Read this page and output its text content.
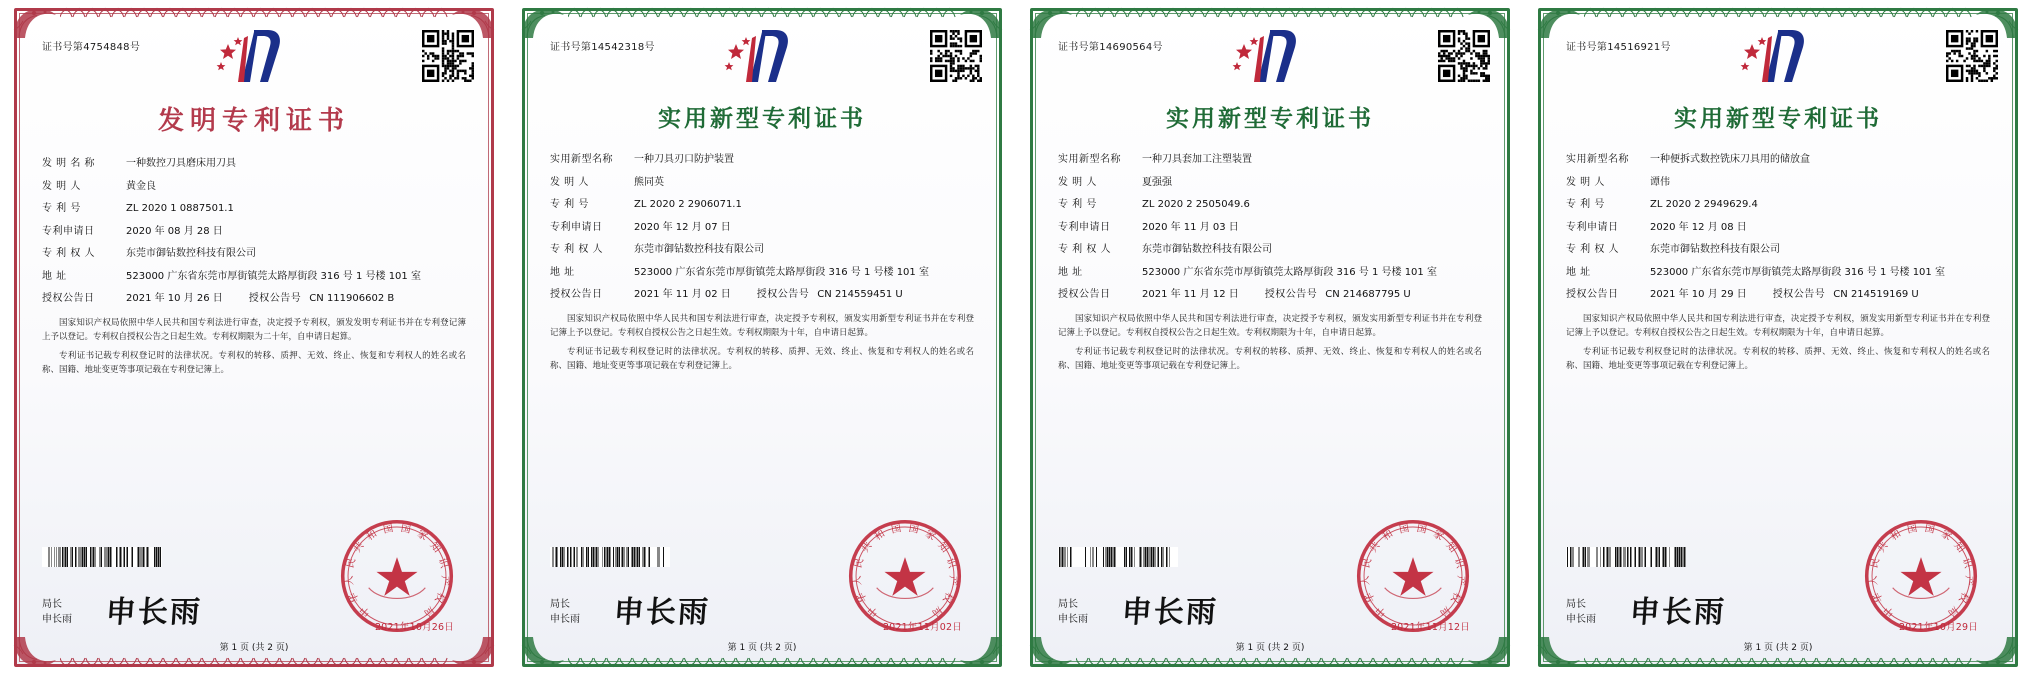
证书号第4754848号
发明专利证书
发 明 名 称	一种数控刀具磨床用刀具
发 明 人	黄金良
专 利 号	ZL 2020 1 0887501.1
专利申请日	2020 年 08 月 28 日
专 利 权 人	东莞市御钻数控科技有限公司
地 址	523000 广东省东莞市厚街镇莞太路厚街段 316 号 1 号楼 101 室
授权公告日	2021 年 10 月 26 日	授权公告号 CN 111906602 B

国家知识产权局依照中华人民共和国专利法进行审查，决定授予专利权，颁发发明专利证书并在专利登记簿上予以登记。专利权自授权公告之日起生效。专利权期限为二十年，自申请日起算。

专利证书记载专利权登记时的法律状况。专利权的转移、质押、无效、终止、恢复和专利权人的姓名或名称、国籍、地址变更等事项记载在专利登记簿上。

局长
申长雨 申长雨	中
华
人
民
共
和 国 国 家
知
识
产
权
局
2021年10月26日
第 1 页 (共 2 页)
证书号第14542318号
实用新型专利证书
实用新型名称	一种刀具刃口防护装置
发 明 人	熊同英
专 利 号	ZL 2020 2 2906071.1
专利申请日	2020 年 12 月 07 日
专 利 权 人	东莞市御钻数控科技有限公司
地 址	523000 广东省东莞市厚街镇莞太路厚街段 316 号 1 号楼 101 室
授权公告日	2021 年 11 月 02 日	授权公告号 CN 214559451 U

国家知识产权局依照中华人民共和国专利法进行审查，决定授予专利权，颁发实用新型专利证书并在专利登记簿上予以登记。专利权自授权公告之日起生效。专利权期限为十年，自申请日起算。

专利证书记载专利权登记时的法律状况。专利权的转移、质押、无效、终止、恢复和专利权人的姓名或名称、国籍、地址变更等事项记载在专利登记簿上。

局长
申长雨 申长雨	中
华
人
民
共
和 国 国 家
知
识
产
权
局
2021年11月02日
第 1 页 (共 2 页)
证书号第14690564号
实用新型专利证书
实用新型名称	一种刀具套加工注塑装置
发 明 人	夏强强
专 利 号	ZL 2020 2 2505049.6
专利申请日	2020 年 11 月 03 日
专 利 权 人	东莞市御钻数控科技有限公司
地 址	523000 广东省东莞市厚街镇莞太路厚街段 316 号 1 号楼 101 室
授权公告日	2021 年 11 月 12 日	授权公告号 CN 214687795 U

国家知识产权局依照中华人民共和国专利法进行审查，决定授予专利权，颁发实用新型专利证书并在专利登记簿上予以登记。专利权自授权公告之日起生效。专利权期限为十年，自申请日起算。

专利证书记载专利权登记时的法律状况。专利权的转移、质押、无效、终止、恢复和专利权人的姓名或名称、国籍、地址变更等事项记载在专利登记簿上。

局长
申长雨 申长雨	中
华
人
民
共
和 国 国 家
知
识
产
权
局
2021年11月12日
第 1 页 (共 2 页)
证书号第14516921号
实用新型专利证书
实用新型名称	一种便拆式数控铣床刀具用的储放盒
发 明 人	谭伟
专 利 号	ZL 2020 2 2949629.4
专利申请日	2020 年 12 月 08 日
专 利 权 人	东莞市御钻数控科技有限公司
地 址	523000 广东省东莞市厚街镇莞太路厚街段 316 号 1 号楼 101 室
授权公告日	2021 年 10 月 29 日	授权公告号 CN 214519169 U

国家知识产权局依照中华人民共和国专利法进行审查，决定授予专利权，颁发实用新型专利证书并在专利登记簿上予以登记。专利权自授权公告之日起生效。专利权期限为十年，自申请日起算。

专利证书记载专利权登记时的法律状况。专利权的转移、质押、无效、终止、恢复和专利权人的姓名或名称、国籍、地址变更等事项记载在专利登记簿上。

局长
申长雨 申长雨	中
华
人
民
共
和 国 国 家
知
识
产
权
局
2021年10月29日
第 1 页 (共 2 页)
